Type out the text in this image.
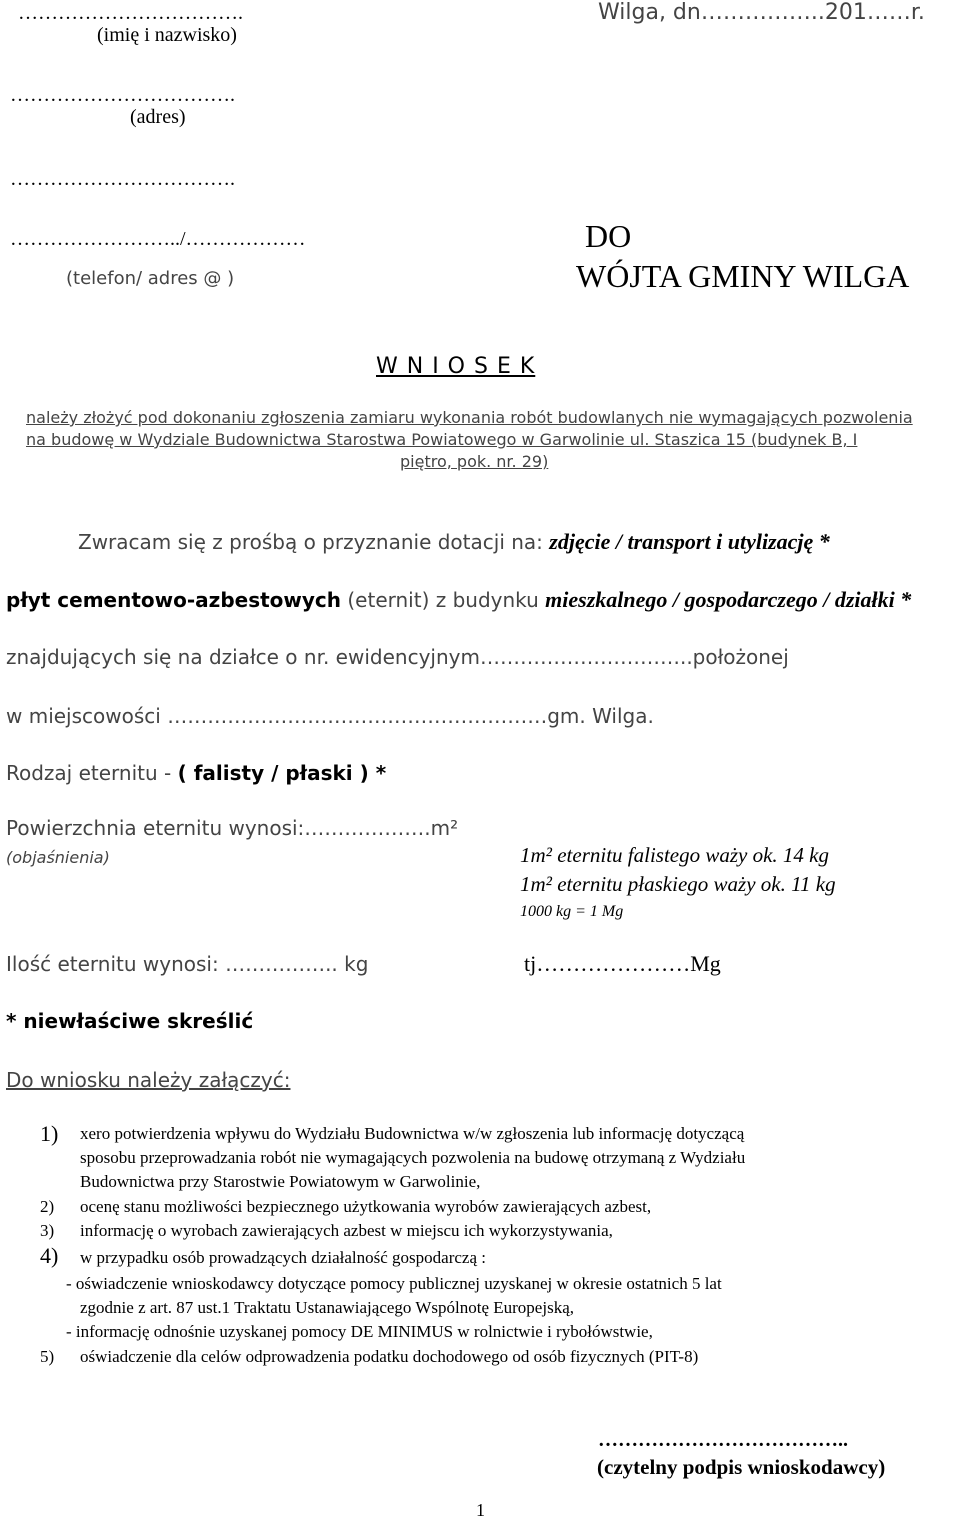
…………………………….
(imię i nazwisko)
Wilga, dn……………..201……r.
…………………………….
(adres)
…………………………….
……………………../………………
(telefon/ adres @ )
DO
WÓJTA GMINY WILGA
W N I O S E K
należy złożyć pod dokonaniu zgłoszenia zamiaru wykonania robót budowlanych nie wymagających pozwolenia
na budowę w Wydziale Budownictwa Starostwa Powiatowego w Garwolinie ul. Staszica 15 (budynek B, I
piętro, pok. nr. 29)
Zwracam się z prośbą o przyznanie dotacji na: zdjęcie / transport i utylizację *
płyt cementowo-azbestowych (eternit) z budynku mieszkalnego / gospodarczego / działki *
znajdujących się na działce o nr. ewidencyjnym…………………………..położonej
w miejscowości …………………………………………………gm. Wilga.
Rodzaj eternitu - ( falisty / płaski ) *
Powierzchnia eternitu wynosi:……………….m²
(objaśnienia)	1m² eternitu falistego waży ok. 14 kg
1m² eternitu płaskiego waży ok. 11 kg
1000 kg = 1 Mg
Ilość eternitu wynosi: …………….. kg	tj…………………Mg
* niewłaściwe skreślić
Do wniosku należy załączyć:
1) xero potwierdzenia wpływu do Wydziału Budownictwa w/w zgłoszenia lub informację dotyczącą
sposobu przeprowadzania robót nie wymagających pozwolenia na budowę otrzymaną z Wydziału
Budownictwa przy Starostwie Powiatowym w Garwolinie,
2) ocenę stanu możliwości bezpiecznego użytkowania wyrobów zawierających azbest,
3) informację o wyrobach zawierających azbest w miejscu ich wykorzystywania,
4) w przypadku osób prowadzących działalność gospodarczą :
- oświadczenie wnioskodawcy dotyczące pomocy publicznej uzyskanej w okresie ostatnich 5 lat
zgodnie z art. 87 ust.1 Traktatu Ustanawiającego Wspólnotę Europejską,
- informację odnośnie uzyskanej pomocy DE MINIMUS w rolnictwie i rybołówstwie,
5) oświadczenie dla celów odprowadzenia podatku dochodowego od osób fizycznych (PIT-8)
………………………………..
(czytelny podpis wnioskodawcy)
1
